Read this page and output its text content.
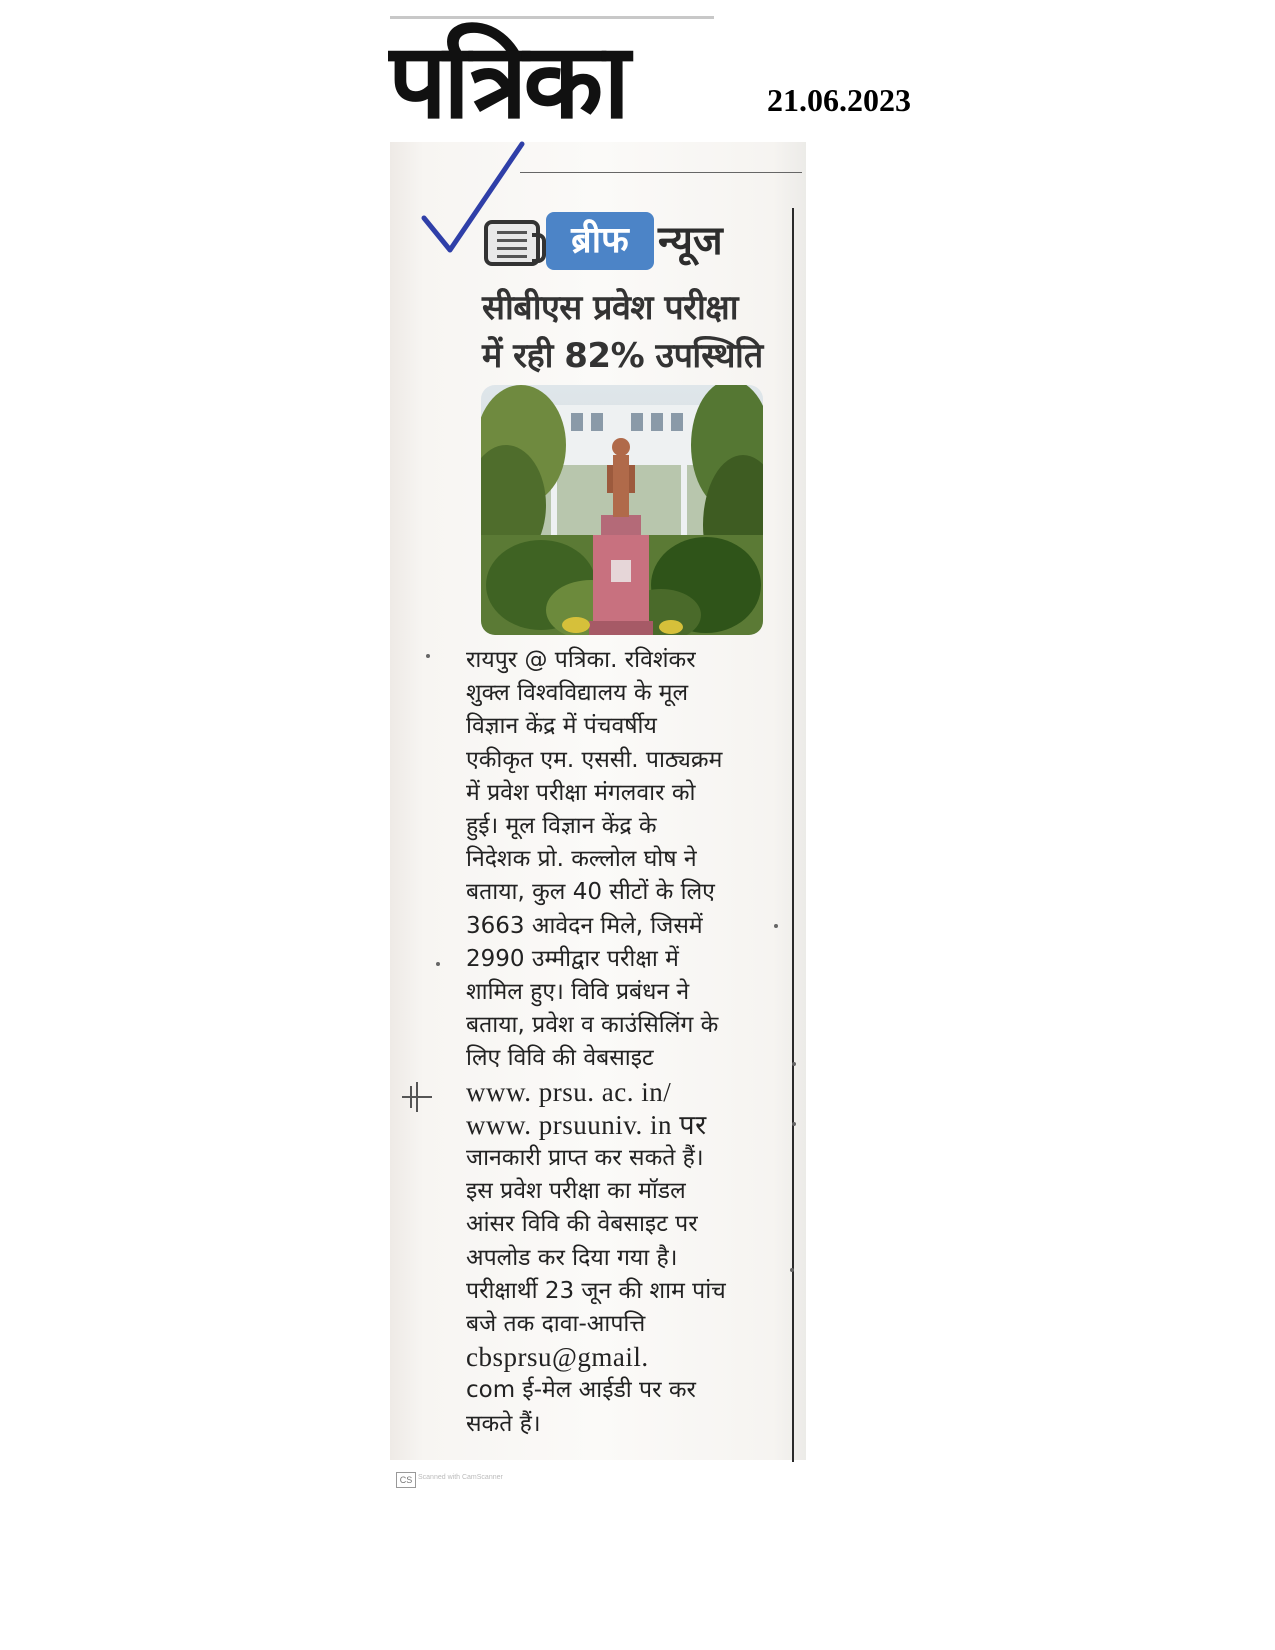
पत्रिका	21.06.2023
ब्रीफ न्यूज
सीबीएस प्रवेश परीक्षा
में रही 82% उपस्थिति

रायपुर @ पत्रिका. रविशंकर

शुक्ल विश्वविद्यालय के मूल

विज्ञान केंद्र में पंचवर्षीय

एकीकृत एम. एससी. पाठ्यक्रम

में प्रवेश परीक्षा मंगलवार को

हुई। मूल विज्ञान केंद्र के

निदेशक प्रो. कल्लोल घोष ने

बताया, कुल 40 सीटों के लिए

3663 आवेदन मिले, जिसमें

2990 उम्मीद्वार परीक्षा में

शामिल हुए। विवि प्रबंधन ने

बताया, प्रवेश व काउंसिलिंग के

लिए विवि की वेबसाइट

www. prsu. ac. in/

www. prsuuniv. in पर

जानकारी प्राप्त कर सकते हैं।

इस प्रवेश परीक्षा का मॉडल

आंसर विवि की वेबसाइट पर

अपलोड कर दिया गया है।

परीक्षार्थी 23 जून की शाम पांच

बजे तक दावा-आपत्ति

cbsprsu@gmail.

com ई-मेल आईडी पर कर

सकते हैं।

CS Scanned with CamScanner
